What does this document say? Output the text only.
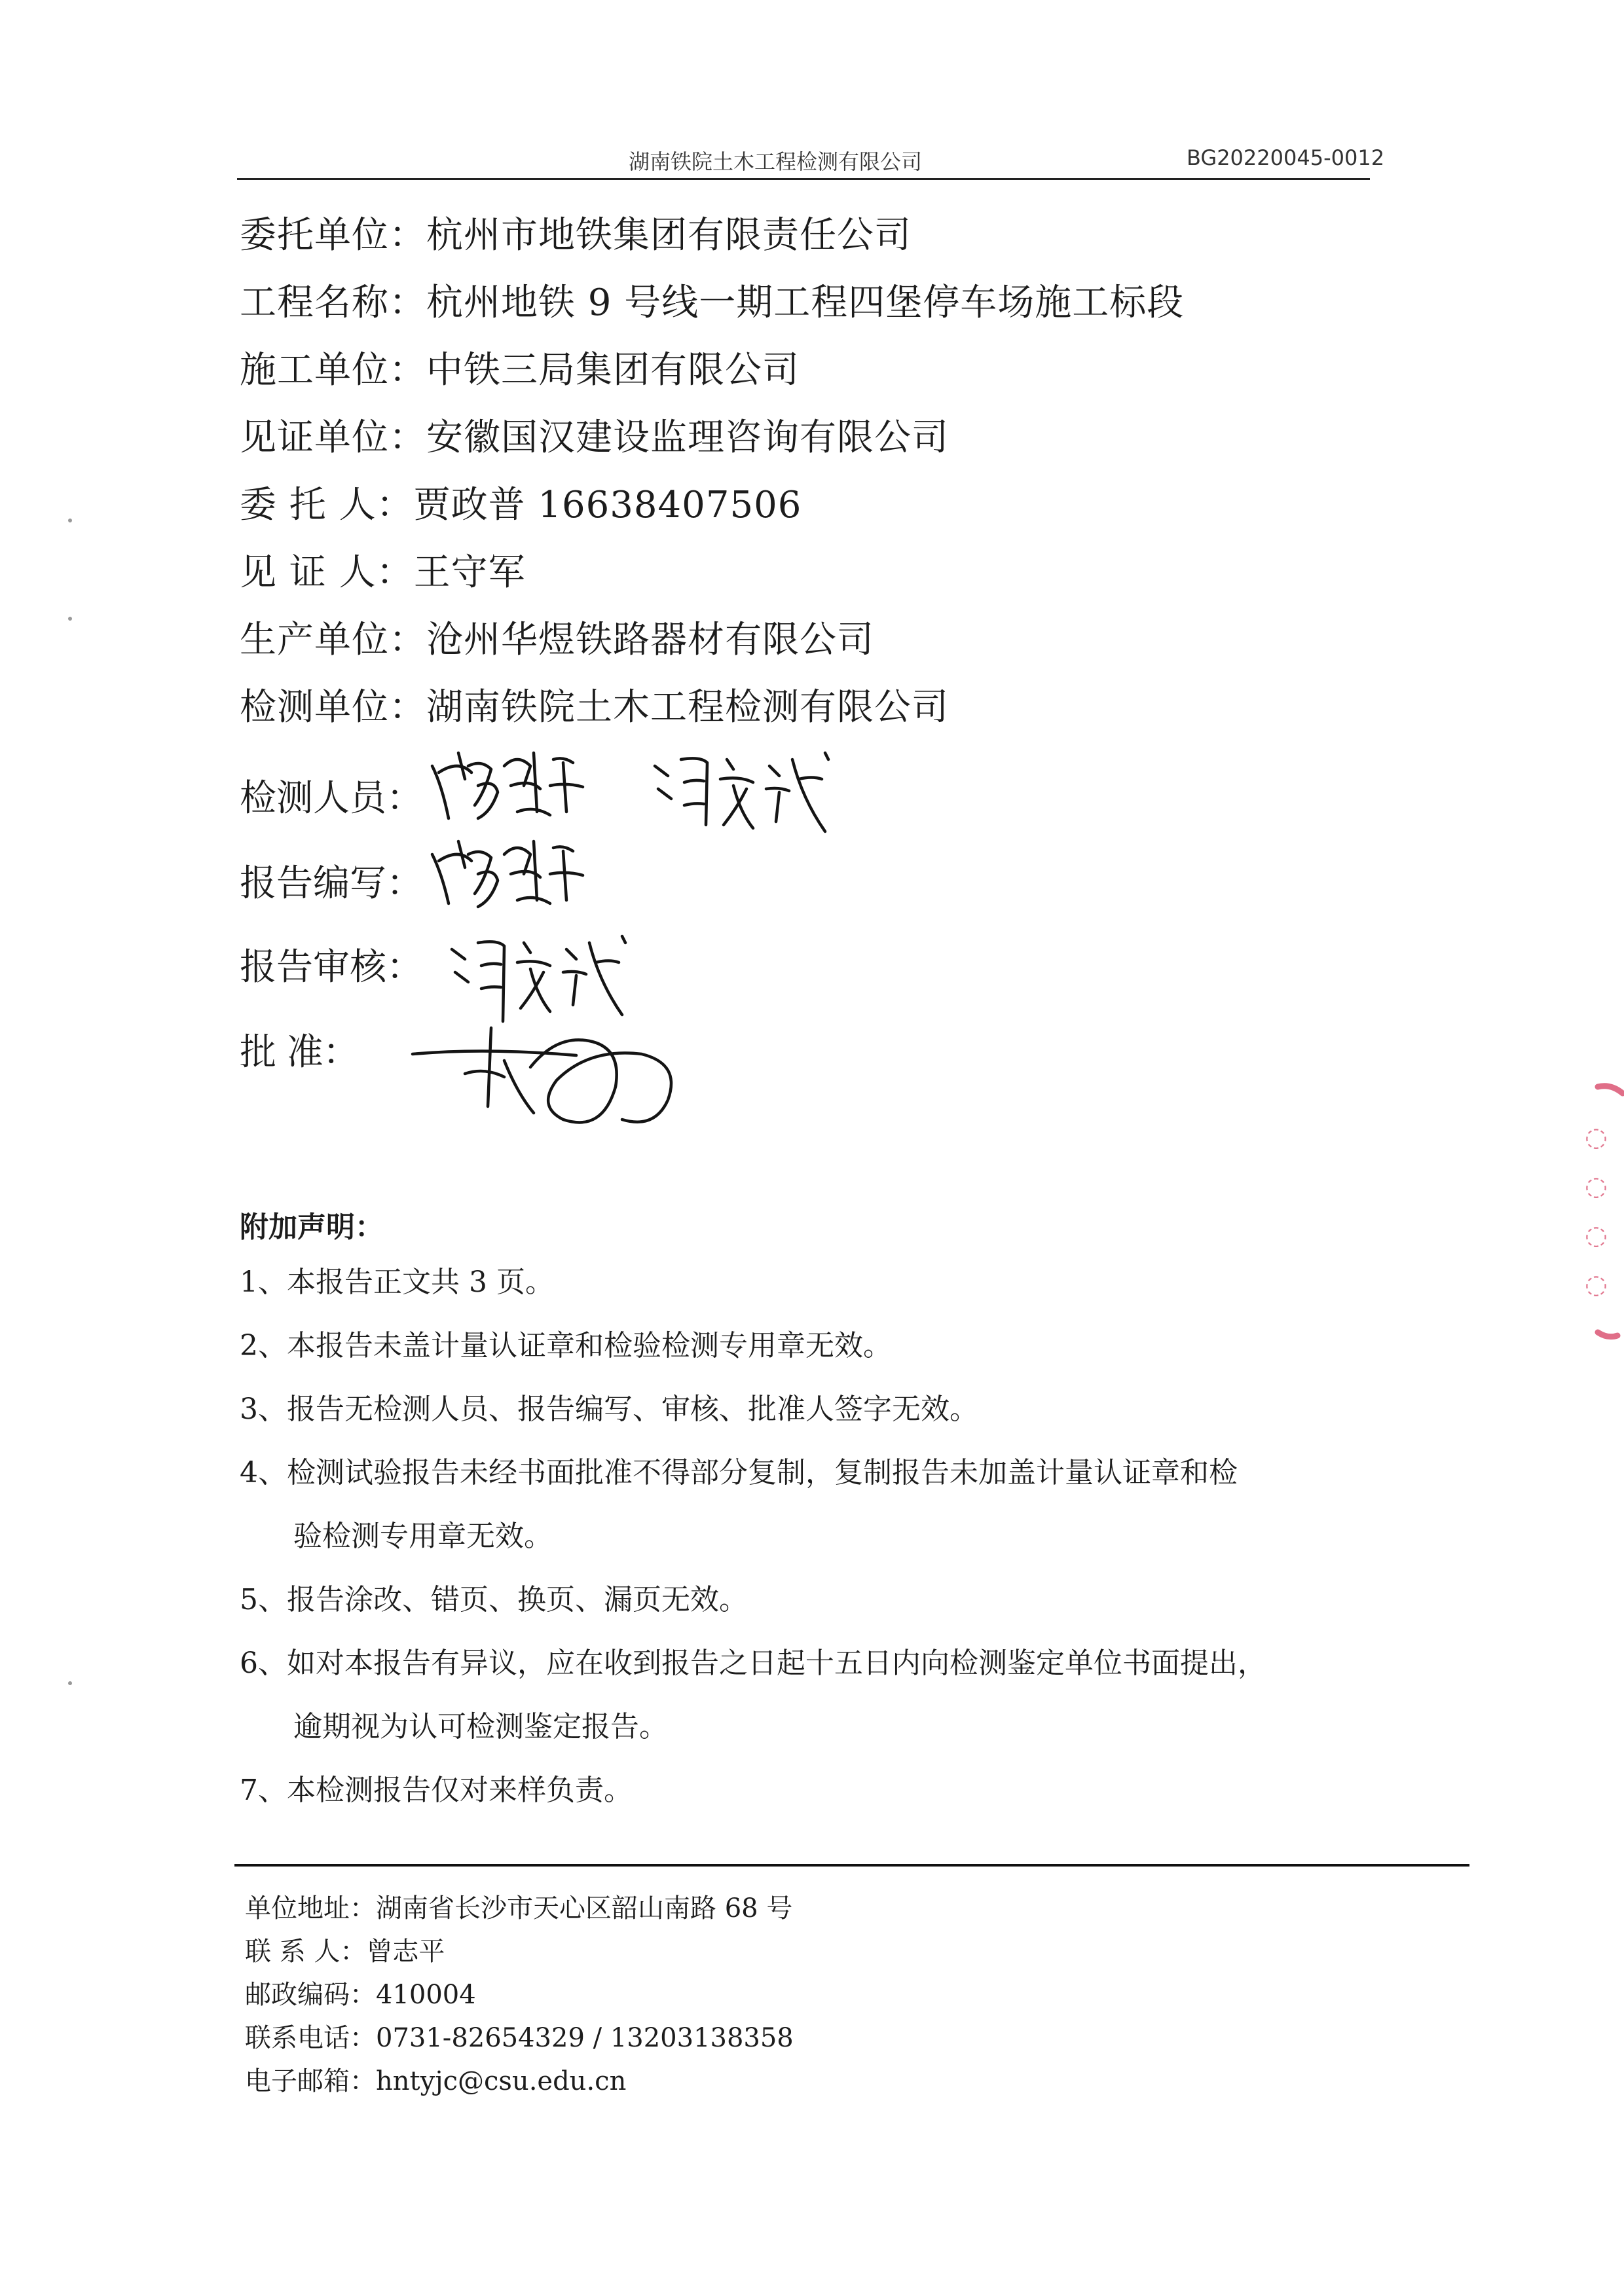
湖南铁院土木工程检测有限公司	BG20220045-0012
委托单位：杭州市地铁集团有限责任公司
工程名称：杭州地铁 9 号线一期工程四堡停车场施工标段
施工单位：中铁三局集团有限公司
见证单位：安徽国汉建设监理咨询有限公司
委 托 人：贾政普 16638407506
见 证 人：王守军
生产单位：沧州华煜铁路器材有限公司
检测单位：湖南铁院土木工程检测有限公司
检测人员：
报告编写：
报告审核：
批 准：
附加声明：
1、本报告正文共 3 页。
2、本报告未盖计量认证章和检验检测专用章无效。
3、报告无检测人员、报告编写、审核、批准人签字无效。
4、检测试验报告未经书面批准不得部分复制，复制报告未加盖计量认证章和检
验检测专用章无效。
5、报告涂改、错页、换页、漏页无效。
6、如对本报告有异议，应在收到报告之日起十五日内向检测鉴定单位书面提出，
逾期视为认可检测鉴定报告。
7、本检测报告仅对来样负责。
单位地址：湖南省长沙市天心区韶山南路 68 号
联 系 人：曾志平
邮政编码：410004
联系电话：0731-82654329 / 13203138358
电子邮箱：hntyjc@csu.edu.cn
◌
◌
◌
◌
